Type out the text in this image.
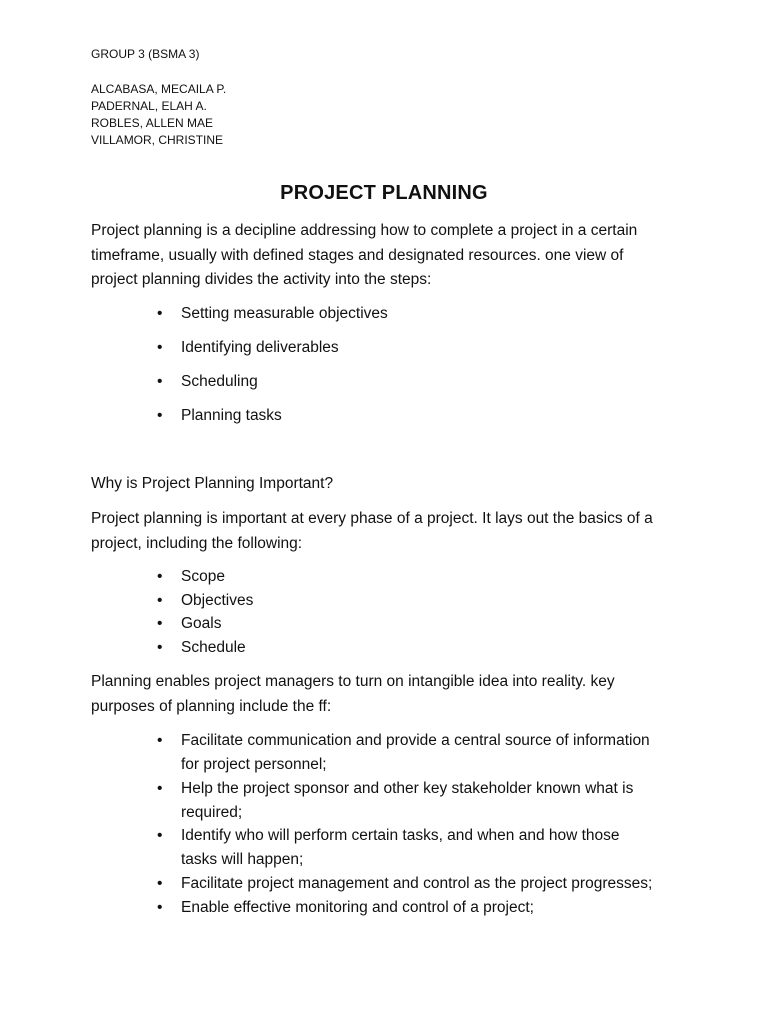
GROUP 3 (BSMA 3)
ALCABASA, MECAILA P.
PADERNAL, ELAH A.
ROBLES, ALLEN MAE
VILLAMOR, CHRISTINE
PROJECT PLANNING
Project planning is a decipline addressing how to complete a project in a certain
timeframe, usually with defined stages and designated resources. one view of
project planning divides the activity into the steps:
• Setting measurable objectives
• Identifying deliverables
• Scheduling
• Planning tasks
Why is Project Planning Important?
Project planning is important at every phase of a project. It lays out the basics of a
project, including the following:
• Scope
• Objectives
• Goals
• Schedule
Planning enables project managers to turn on intangible idea into reality. key
purposes of planning include the ff:
• Facilitate communication and provide a central source of information
for project personnel;
• Help the project sponsor and other key stakeholder known what is
required;
• Identify who will perform certain tasks, and when and how those
tasks will happen;
• Facilitate project management and control as the project progresses;
• Enable effective monitoring and control of a project;
